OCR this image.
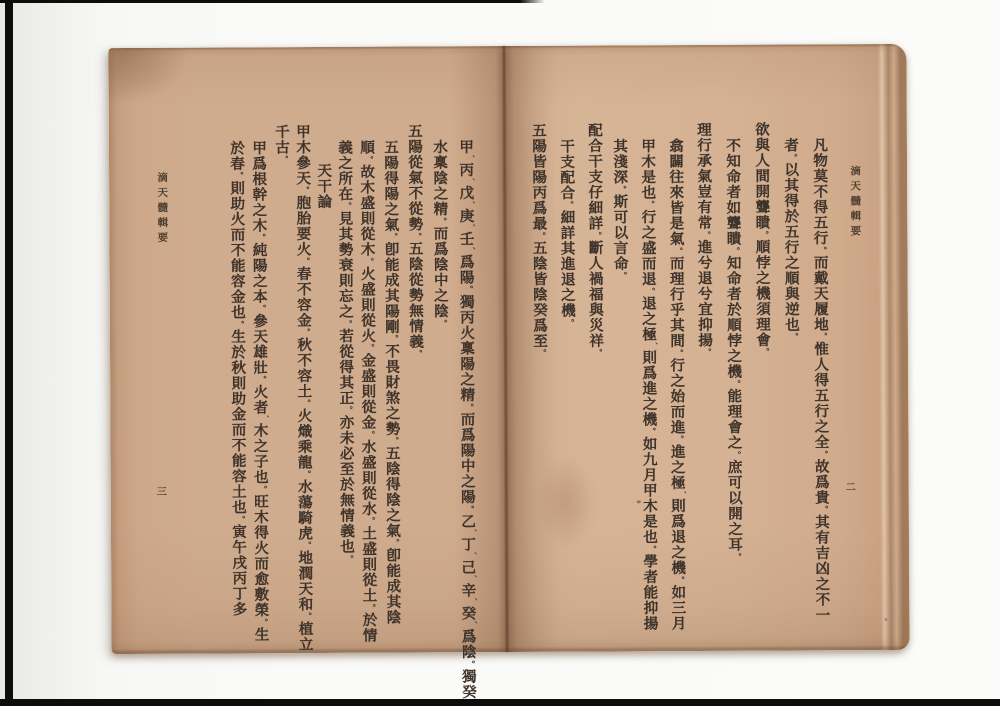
滴天髓輯要
三
甲、丙、戊、庚、壬、爲陽。獨丙火稟陽之精。而爲陽中之陽。乙、丁、己、辛、癸、爲陰。獨癸
水稟陰之精。而爲陰中之陰。
五陽從氣不從勢。五陰從勢無情義。
五陽得陽之氣。卽能成其陽剛。不畏財煞之勢。五陰得陰之氣。卽能成其陰
順。故木盛則從木。火盛則從火。金盛則從金。水盛則從水。土盛則從土。於情
義之所在。見其勢衰則忘之。若從得其正。亦未必至於無情義也。
天干論
甲木參天。胞胎要火。春不容金。秋不容土。火熾乘龍。水蕩騎虎。地潤天和。植立
千古。
甲爲根幹之木。純陽之本。參天雄壯。火者、木之子也。旺木得火而愈敷榮。生
於春。則助火而不能容金也。生於秋則助金而不能容土也。寅午戌丙丁多
滴天髓輯要
二
凡物莫不得五行。而戴天履地。惟人得五行之全。故爲貴。其有吉凶之不一
者。以其得於五行之順與逆也。
欲與人間開聾瞶。順悖之機須理會。
不知命者如聾瞶。知命者於順悖之機。能理會之。庶可以開之耳。
理行承氣豈有常。進兮退兮宜抑揚。
翕闢往來皆是氣。而理行乎其間。行之始而進。進之極、則爲退之機。如三月
甲木是也。行之盛而退。退之極、則爲進之機。如九月甲木是也。學者能抑揚
其淺深。斯可以言命。
配合干支仔細詳。斷人禍福與災祥。
干支配合。細詳其進退之機。
五陽皆陽丙爲最。五陰皆陰癸爲至。
